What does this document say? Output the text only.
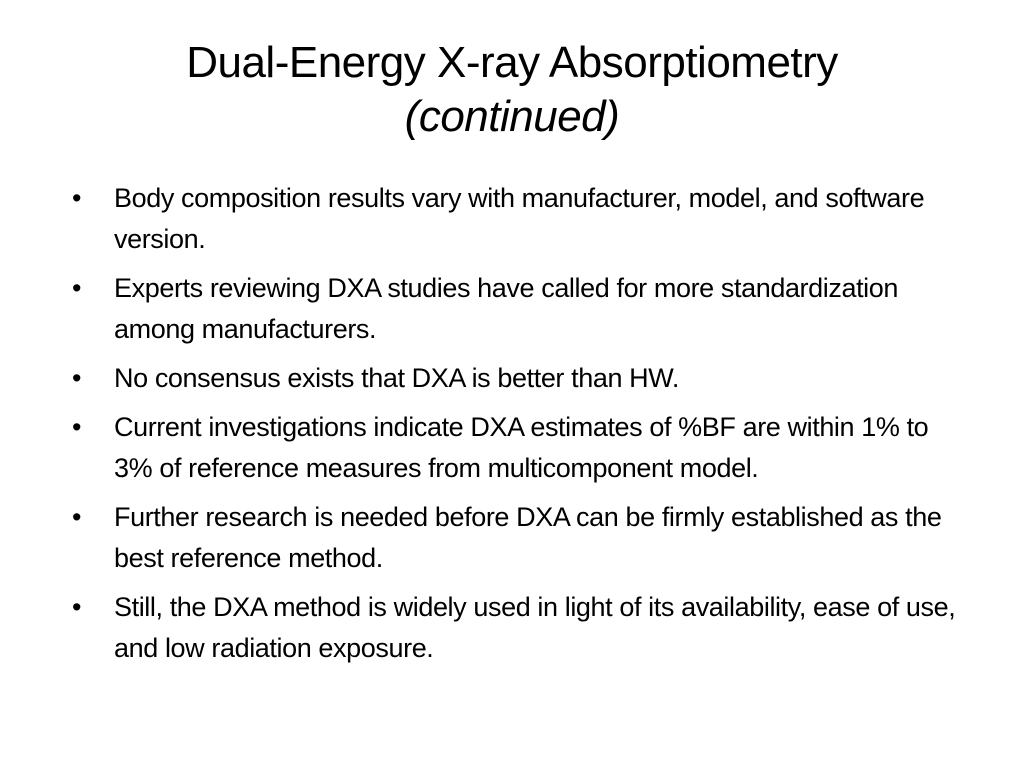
Dual-Energy X-ray Absorptiometry
(continued)
•	Body composition results vary with manufacturer, model, and software version.
•	Experts reviewing DXA studies have called for more standardization among manufacturers.
•	No consensus exists that DXA is better than HW.
•	Current investigations indicate DXA estimates of %BF are within 1% to 3% of reference measures from multicomponent model.
•	Further research is needed before DXA can be firmly established as the best reference method.
•	Still, the DXA method is widely used in light of its availability, ease of use, and low radiation exposure.
